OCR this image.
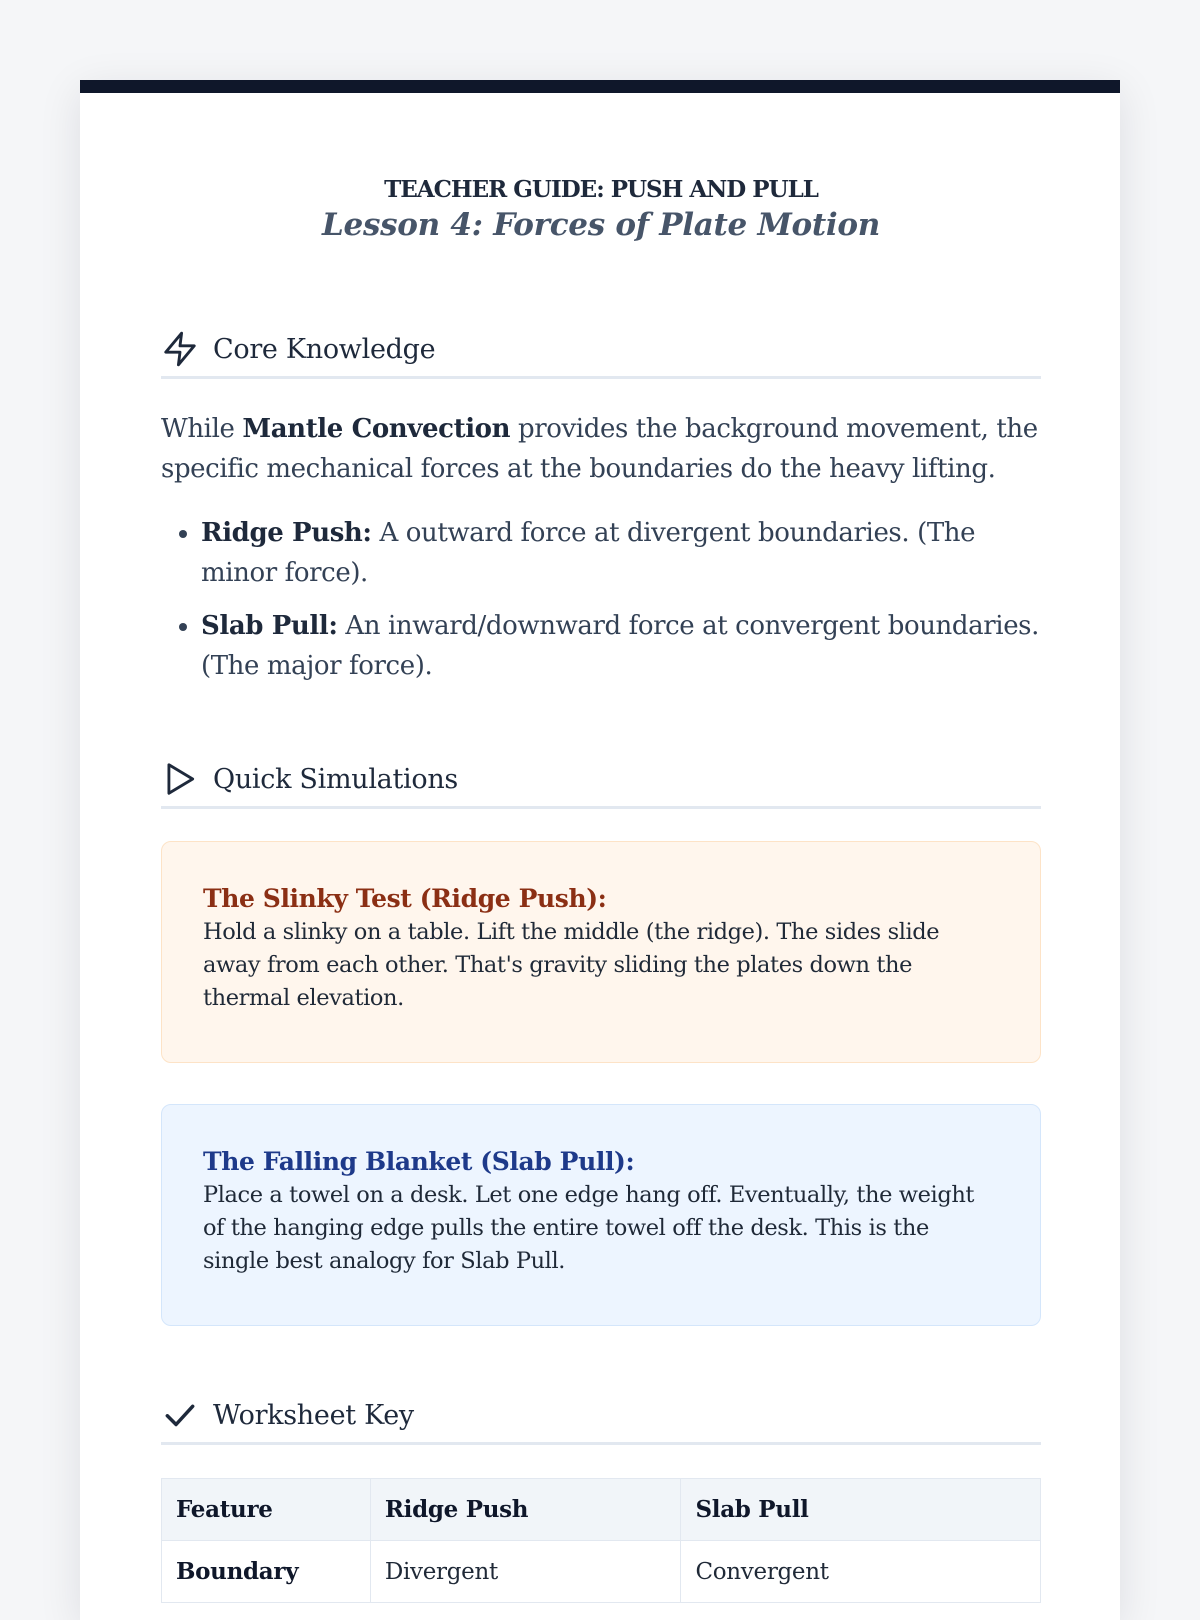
TEACHER GUIDE: PUSH AND PULL
Lesson 4: Forces of Plate Motion
Core Knowledge

While Mantle Convection provides the background movement, the specific mechanical forces at the boundaries do the heavy lifting.

• Ridge Push: A outward force at divergent boundaries. (The minor force).
• Slab Pull: An inward/downward force at convergent boundaries. (The major force).
Quick Simulations
The Slinky Test (Ridge Push):
Hold a slinky on a table. Lift the middle (the ridge). The sides slide away from each other. That's gravity sliding the plates down the thermal elevation.
The Falling Blanket (Slab Pull):
Place a towel on a desk. Let one edge hang off. Eventually, the weight of the hanging edge pulls the entire towel off the desk. This is the single best analogy for Slab Pull.
Worksheet Key
Feature	Ridge Push	Slab Pull
Boundary	Divergent	Convergent
